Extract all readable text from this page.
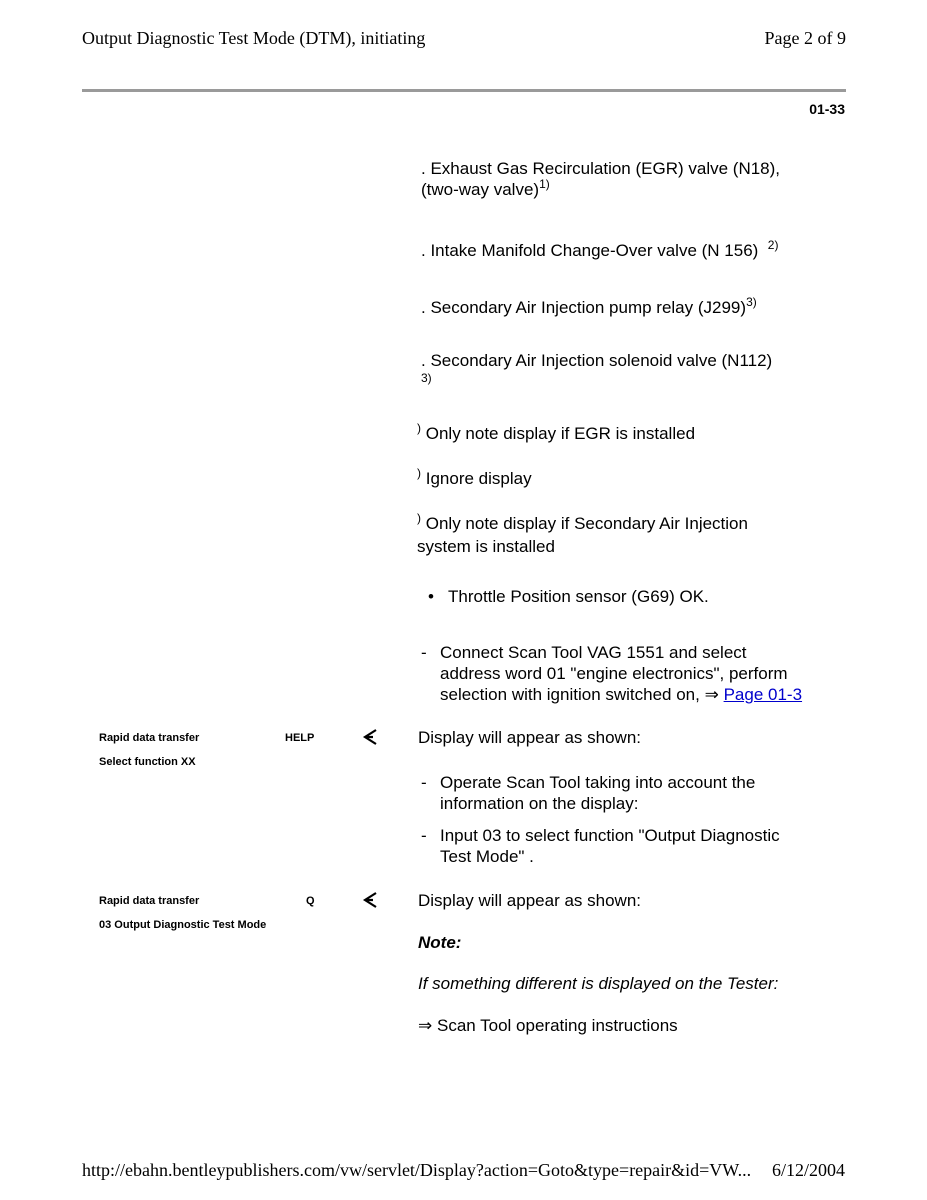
Output Diagnostic Test Mode (DTM), initiating	Page 2 of 9
01-33
. Exhaust Gas Recirculation (EGR) valve (N18),
(two-way valve)$^{1)}$
. Intake Manifold Change-Over valve (N 156) $^{2)}$
. Secondary Air Injection pump relay (J299)$^{3)}$
. Secondary Air Injection solenoid valve (N112)
3)
) Only note display if EGR is installed
) Ignore display
) Only note display if Secondary Air Injection
system is installed
• Throttle Position sensor (G69) OK.
- Connect Scan Tool VAG 1551 and select
address word 01 "engine electronics", perform
selection with ignition switched on, ⇒ Page 01-3
Rapid data transfer	HELP
Select function XX
Display will appear as shown:
- Operate Scan Tool taking into account the
information on the display:
- Input 03 to select function "Output Diagnostic
Test Mode" .
Rapid data transfer	Q
03 Output Diagnostic Test Mode
Display will appear as shown:
Note:
If something different is displayed on the Tester:
⇒ Scan Tool operating instructions
http://ebahn.bentleypublishers.com/vw/servlet/Display?action=Goto&type=repair&id=VW... 6/12/2004
